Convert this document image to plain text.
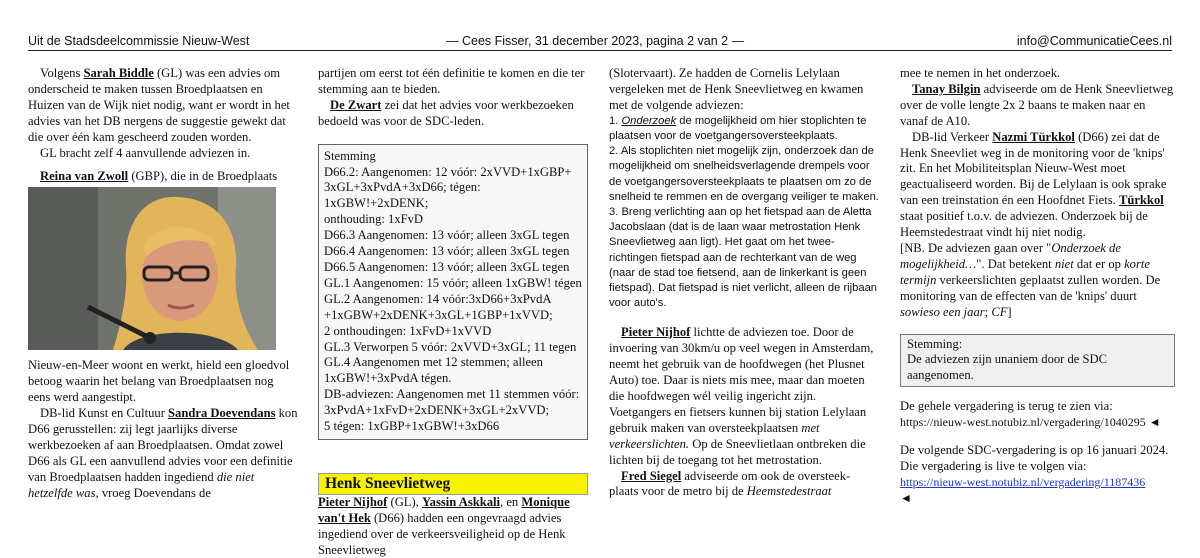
Uit de Stadsdeelcommissie Nieuw-West	— Cees Fisser, 31 december 2023, pagina 2 van 2 —	info@CommunicatieCees.nl

Volgens Sarah Biddle (GL) was een advies om onderscheid te maken tussen Broedplaatsen en Huizen van de Wijk niet nodig, want er wordt in het advies van het DB nergens de suggestie gewekt dat die over één kam gescheerd zouden worden.

GL bracht zelf 4 aanvullende adviezen in.

Reina van Zwoll (GBP), die in de Broedplaats

Nieuw-en-Meer woont en werkt, hield een gloedvol betoog waarin het belang van Broedplaatsen nog eens werd aangestipt.

DB-lid Kunst en Cultuur Sandra Doevendans kon D66 gerusstellen: zij legt jaarlijks diverse werkbezoeken af aan Broedplaatsen. Omdat zowel D66 als GL een aanvullend advies voor een definitie van Broedplaatsen hadden ingediend die niet hetzelfde was, vroeg Doevendans de

partijen om eerst tot één definitie te komen en die ter stemming aan te bieden.

De Zwart zei dat het advies voor werkbezoeken bedoeld was voor de SDC-leden.

Stemming
D66.2: Aangenomen: 12 vóór: 2xVVD+1xGBP+
3xGL+3xPvdA+3xD66; tégen: 1xGBW!+2xDENK;
onthouding: 1xFvD
D66.3 Aangenomen: 13 vóór; alleen 3xGL tegen
D66.4 Aangenomen: 13 vóór; alleen 3xGL tegen
D66.5 Aangenomen: 13 vóór; alleen 3xGL tegen
GL.1 Aangenomen: 15 vóór; alleen 1xGBW! tégen
GL.2 Aangenomen: 14 vóór:3xD66+3xPvdA
+1xGBW+2xDENK+3xGL+1GBP+1xVVD;
2 onthoudingen: 1xFvD+1xVVD
GL.3 Verworpen 5 vóór: 2xVVD+3xGL; 11 tegen
GL.4 Aangenomen met 12 stemmen; alleen
1xGBW!+3xPvdA tégen.
DB-adviezen: Aangenomen met 11 stemmen vóór:
3xPvdA+1xFvD+2xDENK+3xGL+2xVVD;
5 tégen: 1xGBP+1xGBW!+3xD66
Henk Sneevlietweg

Pieter Nijhof (GL), Yassin Askkali, en Monique van't Hek (D66) hadden een ongevraagd advies ingediend over de verkeersveiligheid op de Henk Sneevlietweg

(Slotervaart). Ze hadden de Cornelis Lelylaan vergeleken met de Henk Sneevlietweg en kwamen met de volgende adviezen:

1. Onderzoek de mogelijkheid om hier stoplichten te plaatsen voor de voetgangersoversteekplaats.

2. Als stoplichten niet mogelijk zijn, onderzoek dan de mogelijkheid om snelheidsverlagende drempels voor de voetgangersoversteekplaats te plaatsen om zo de snelheid te remmen en de overgang veiliger te maken.

3. Breng verlichting aan op het fietspad aan de Aletta Jacobslaan (dat is de laan waar metrostation Henk Sneevlietweg aan ligt). Het gaat om het twee-richtingen fietspad aan de rechterkant van de weg (naar de stad toe fietsend, aan de linkerkant is geen fietspad). Dat fietspad is niet verlicht, alleen de rijbaan voor auto's.

Pieter Nijhof lichtte de adviezen toe. Door de invoering van 30km/u op veel wegen in Amsterdam, neemt het gebruik van de hoofdwegen (het Plusnet Auto) toe. Daar is niets mis mee, maar dan moeten die hoofdwegen wél veilig ingericht zijn. Voetgangers en fietsers kunnen bij station Lelylaan gebruik maken van oversteekplaatsen met verkeerslichten. Op de Sneevlietlaan ontbreken die lichten bij de toegang tot het metrostation.

Fred Siegel adviseerde om ook de oversteek-plaats voor de metro bij de Heemstedestraat

mee te nemen in het onderzoek.

Tanay Bilgin adviseerde om de Henk Sneevlietweg over de volle lengte 2x 2 baans te maken naar en vanaf de A10.

DB-lid Verkeer Nazmi Türkkol (D66) zei dat de Henk Sneevliet weg in de monitoring voor de 'knips' zit. En het Mobiliteitsplan Nieuw-West moet geactualiseerd worden. Bij de Lelylaan is ook sprake van een treinstation én een Hoofdnet Fiets. Türkkol staat positief t.o.v. de adviezen. Onderzoek bij de Heemstedestraat vindt hij niet nodig.

[NB. De adviezen gaan over "Onderzoek de mogelijkheid…". Dat betekent niet dat er op korte termijn verkeerslichten geplaatst zullen worden. De monitoring van de effecten van de 'knips' duurt sowieso een jaar; CF]

Stemming:
De adviezen zijn unaniem door de SDC aangenomen.

De gehele vergadering is terug te zien via:

https://nieuw-west.notubiz.nl/vergadering/1040295 ◄

De volgende SDC-vergadering is op 16 januari 2024. Die vergadering is live te volgen via:

https://nieuw-west.notubiz.nl/vergadering/1187436
◄
